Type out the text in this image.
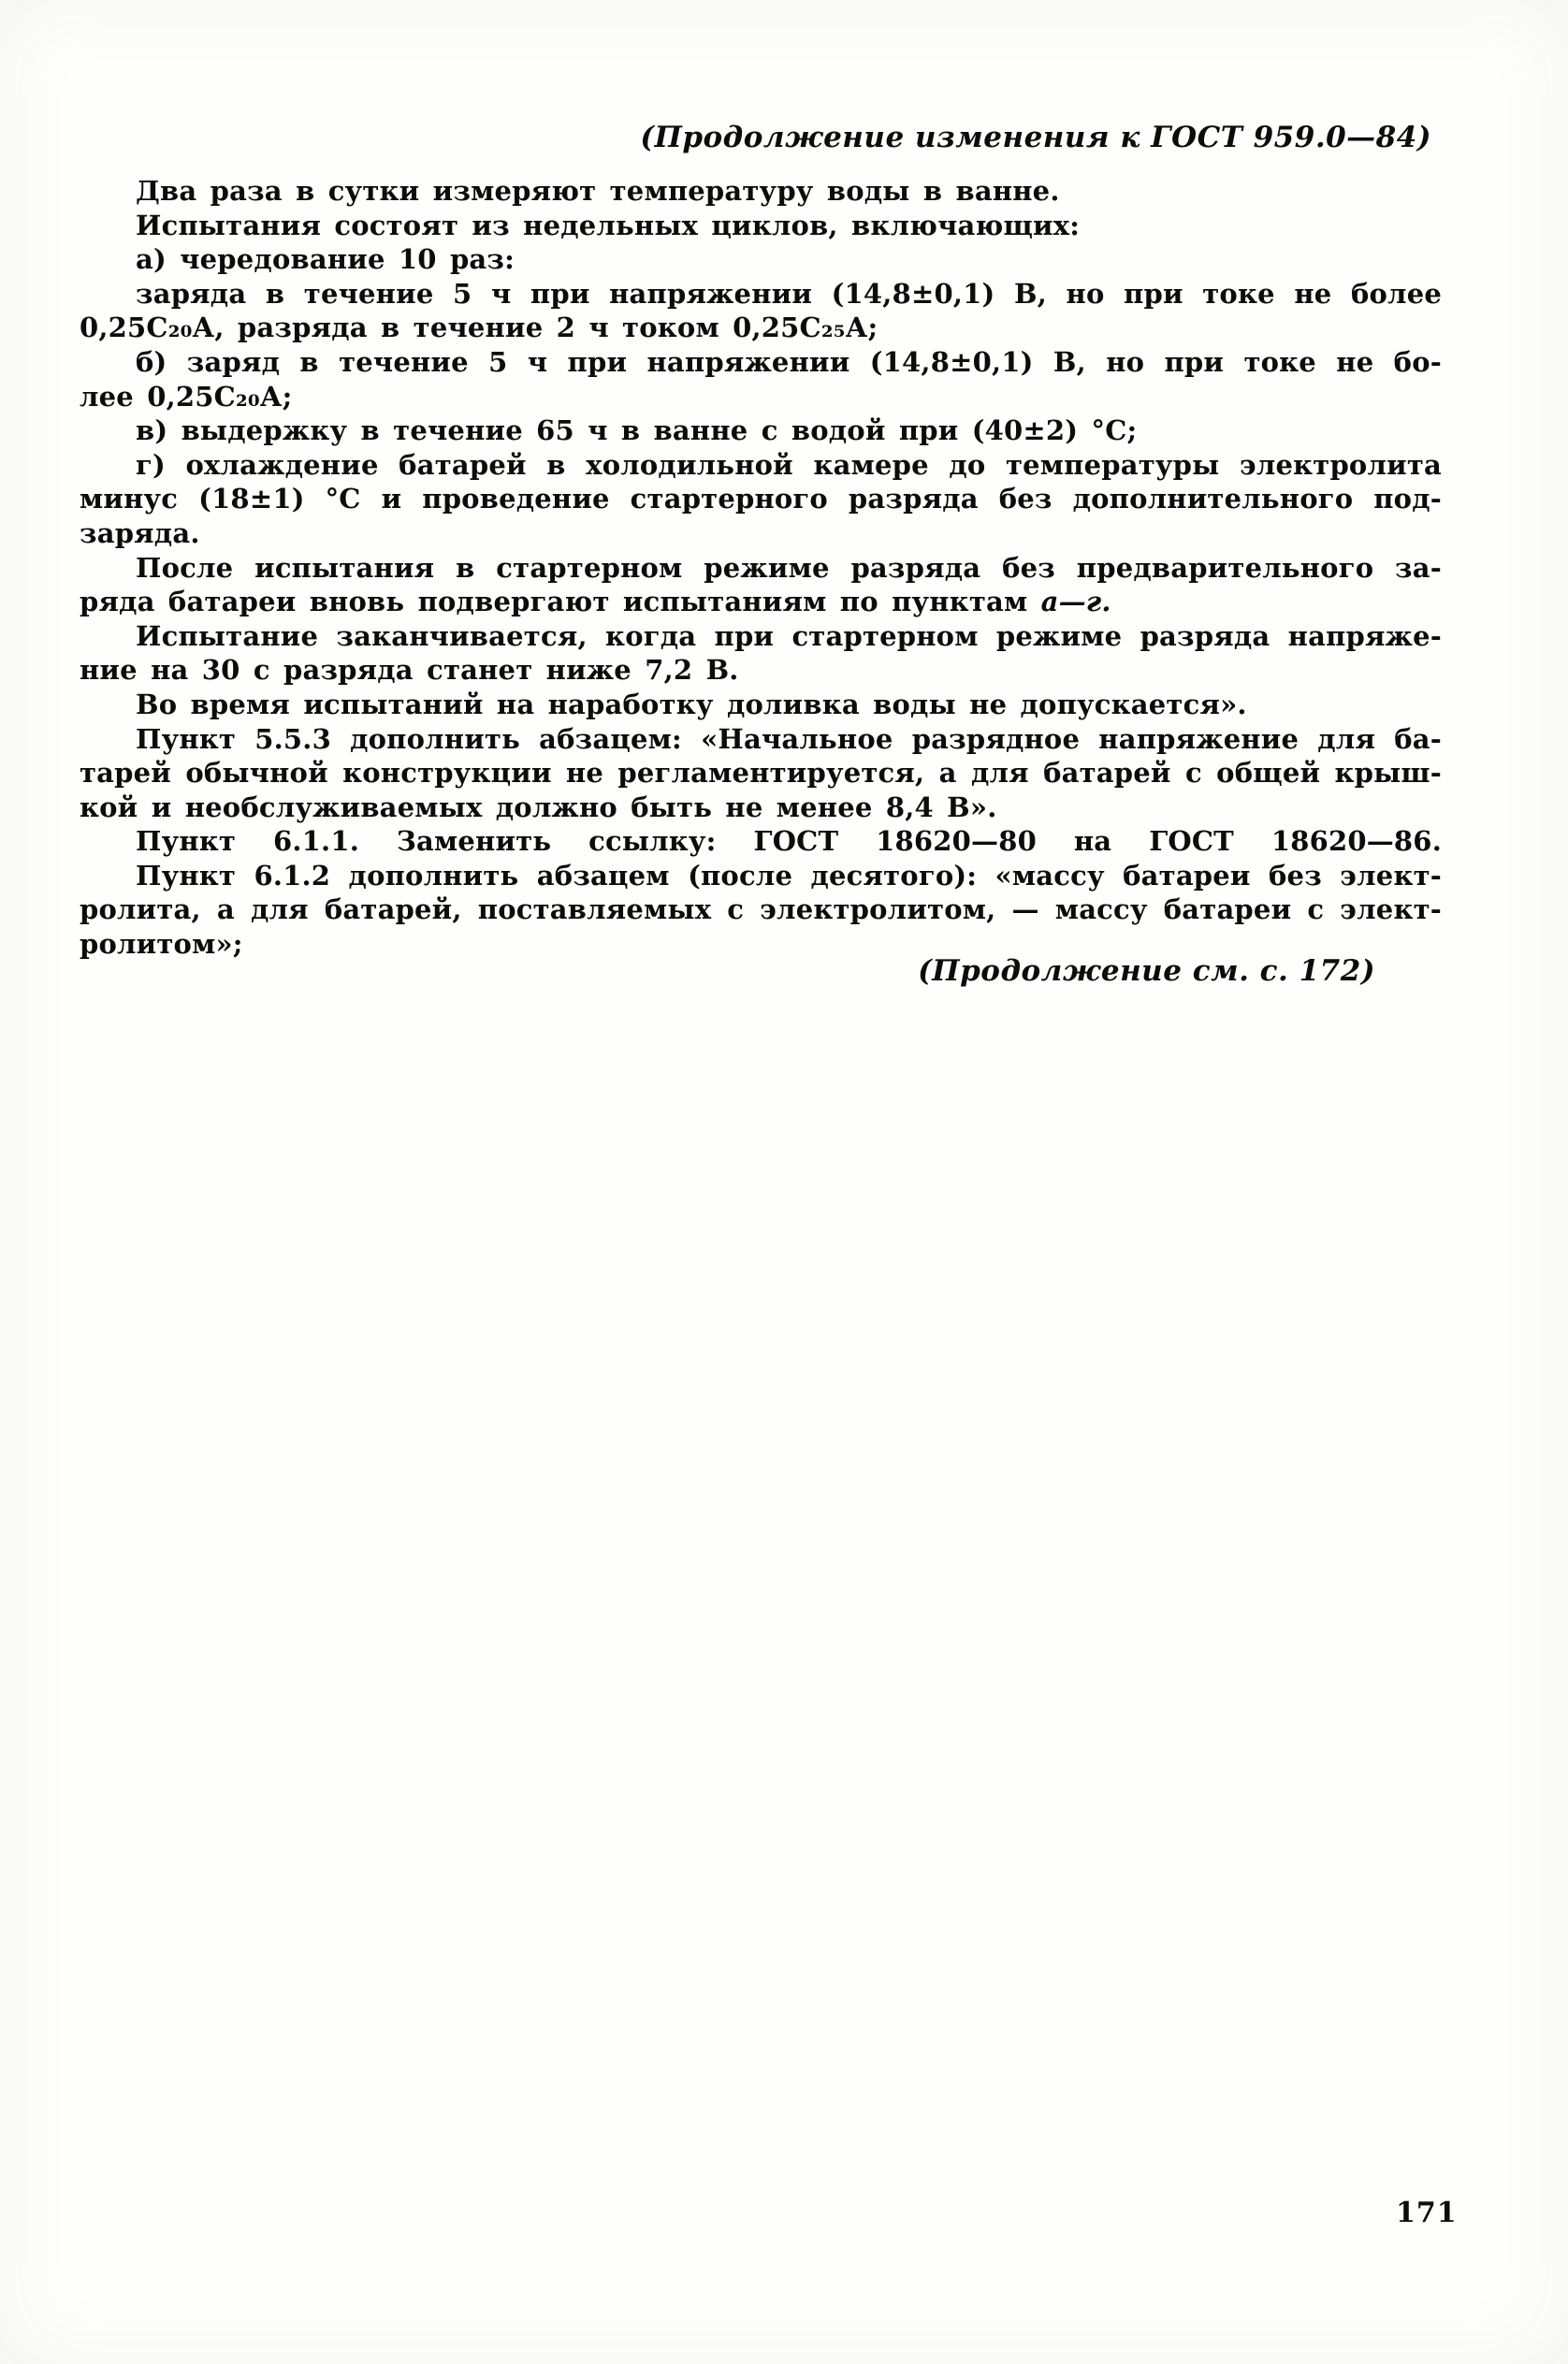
(Продолжение изменения к ГОСТ 959.0—84)
Два раза в сутки измеряют температуру воды в ванне.
Испытания состоят из недельных циклов, включающих:
а) чередование 10 раз:
заряда в течение 5 ч при напряжении (14,8±0,1) В, но при токе не более
0,25С₂₀А, разряда в течение 2 ч током 0,25С₂₅А;
б) заряд в течение 5 ч при напряжении (14,8±0,1) В, но при токе не бо-
лее 0,25С₂₀А;
в) выдержку в течение 65 ч в ванне с водой при (40±2) °С;
г) охлаждение батарей в холодильной камере до температуры электролита
минус (18±1) °С и проведение стартерного разряда без дополнительного под-
заряда.
После испытания в стартерном режиме разряда без предварительного за-
ряда батареи вновь подвергают испытаниям по пунктам а—г.
Испытание заканчивается, когда при стартерном режиме разряда напряже-
ние на 30 с разряда станет ниже 7,2 В.
Во время испытаний на наработку доливка воды не допускается».
Пункт 5.5.3 дополнить абзацем: «Начальное разрядное напряжение для ба-
тарей обычной конструкции не регламентируется, а для батарей с общей крыш-
кой и необслуживаемых должно быть не менее 8,4 В».
Пункт 6.1.1. Заменить ссылку: ГОСТ 18620—80 на ГОСТ 18620—86.
Пункт 6.1.2 дополнить абзацем (после десятого): «массу батареи без элект-
ролита, а для батарей, поставляемых с электролитом, — массу батареи с элект-
ролитом»;
(Продолжение см. с. 172)
171
